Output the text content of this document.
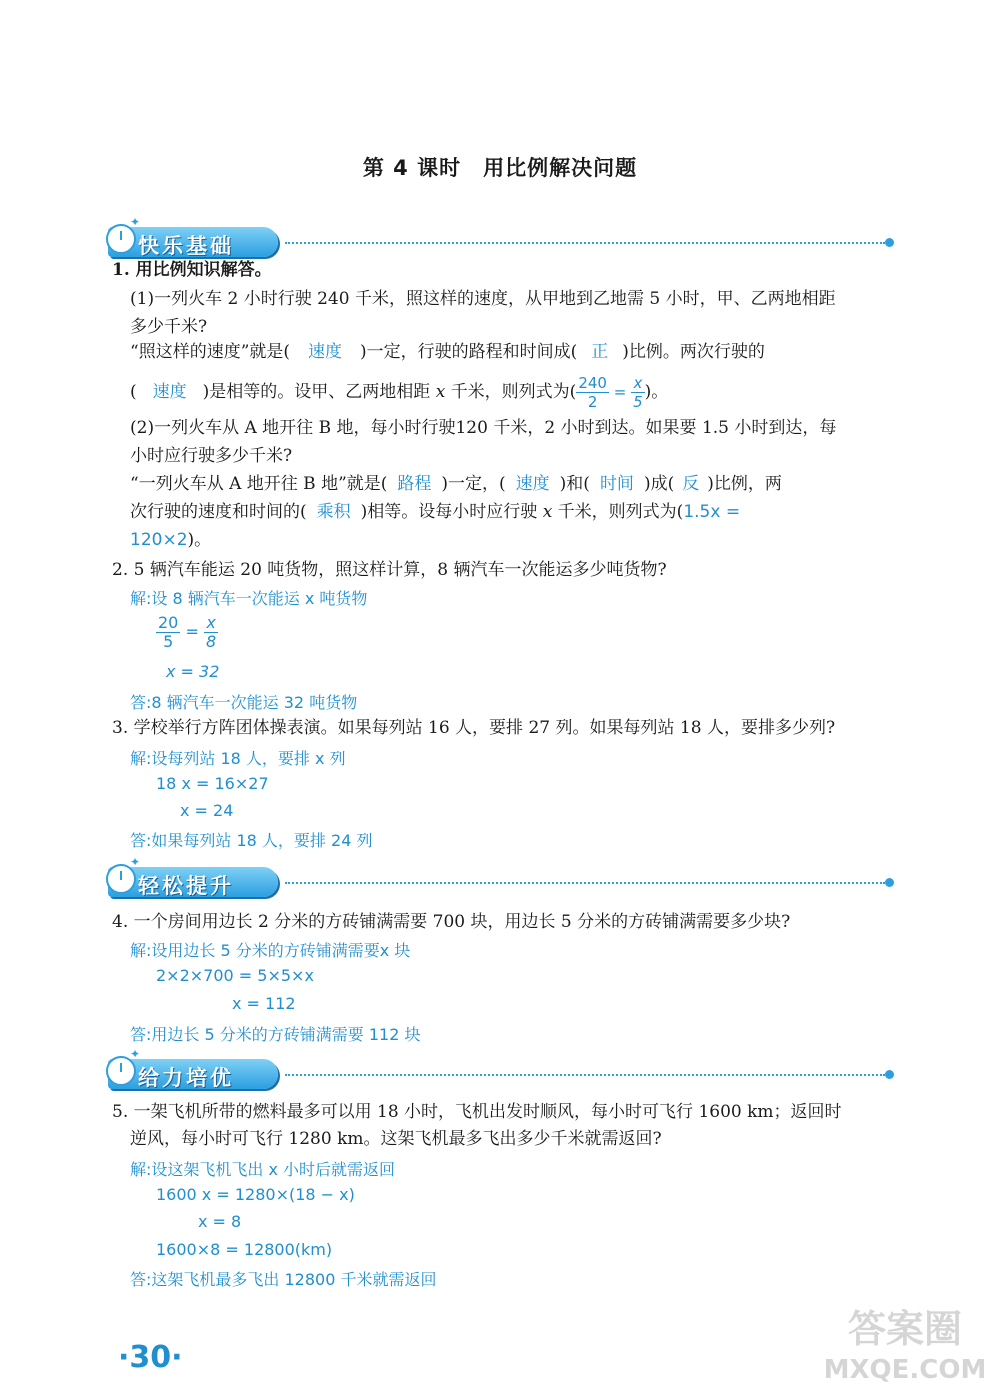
第 4 课时 用比例解决问题
快乐基础
✦
1. 用比例知识解答。
(1)一列火车 2 小时行驶 240 千米，照这样的速度，从甲地到乙地需 5 小时，甲、乙两地相距
多少千米?
“照这样的速度”就是( 速度 )一定，行驶的路程和时间成( 正 )比例。两次行驶的
( 速度 )是相等的。设甲、乙两地相距 x 千米，则列式为( $\frac{240}{2} = \frac{x}{5}$ )。
(2)一列火车从 A 地开往 B 地，每小时行驶120 千米，2 小时到达。如果要 1.5 小时到达，每
小时应行驶多少千米?
“一列火车从 A 地开往 B 地”就是( 路程 )一定，( 速度 )和( 时间 )成( 反 )比例，两
次行驶的速度和时间的( 乘积 )相等。设每小时应行驶 x 千米，则列式为(1.5x =
120×2)。
2. 5 辆汽车能运 20 吨货物，照这样计算，8 辆汽车一次能运多少吨货物?
解:设 8 辆汽车一次能运 x 吨货物
$\frac{20}{5} = \frac{x}{8}$
x = 32
答:8 辆汽车一次能运 32 吨货物
3. 学校举行方阵团体操表演。如果每列站 16 人，要排 27 列。如果每列站 18 人，要排多少列?
解:设每列站 18 人，要排 x 列
18 x = 16×27
x = 24
答:如果每列站 18 人，要排 24 列
轻松提升
✦
4. 一个房间用边长 2 分米的方砖铺满需要 700 块，用边长 5 分米的方砖铺满需要多少块?
解:设用边长 5 分米的方砖铺满需要x 块
2×2×700 = 5×5×x
x = 112
答:用边长 5 分米的方砖铺满需要 112 块
给力培优
✦
5. 一架飞机所带的燃料最多可以用 18 小时，飞机出发时顺风，每小时可飞行 1600 km；返回时
逆风，每小时可飞行 1280 km。这架飞机最多飞出多少千米就需返回?
解:设这架飞机飞出 x 小时后就需返回
1600 x = 1280×(18 − x)
x = 8
1600×8 = 12800(km)
答:这架飞机最多飞出 12800 千米就需返回
·30·
答案圈
MXQE.COM
